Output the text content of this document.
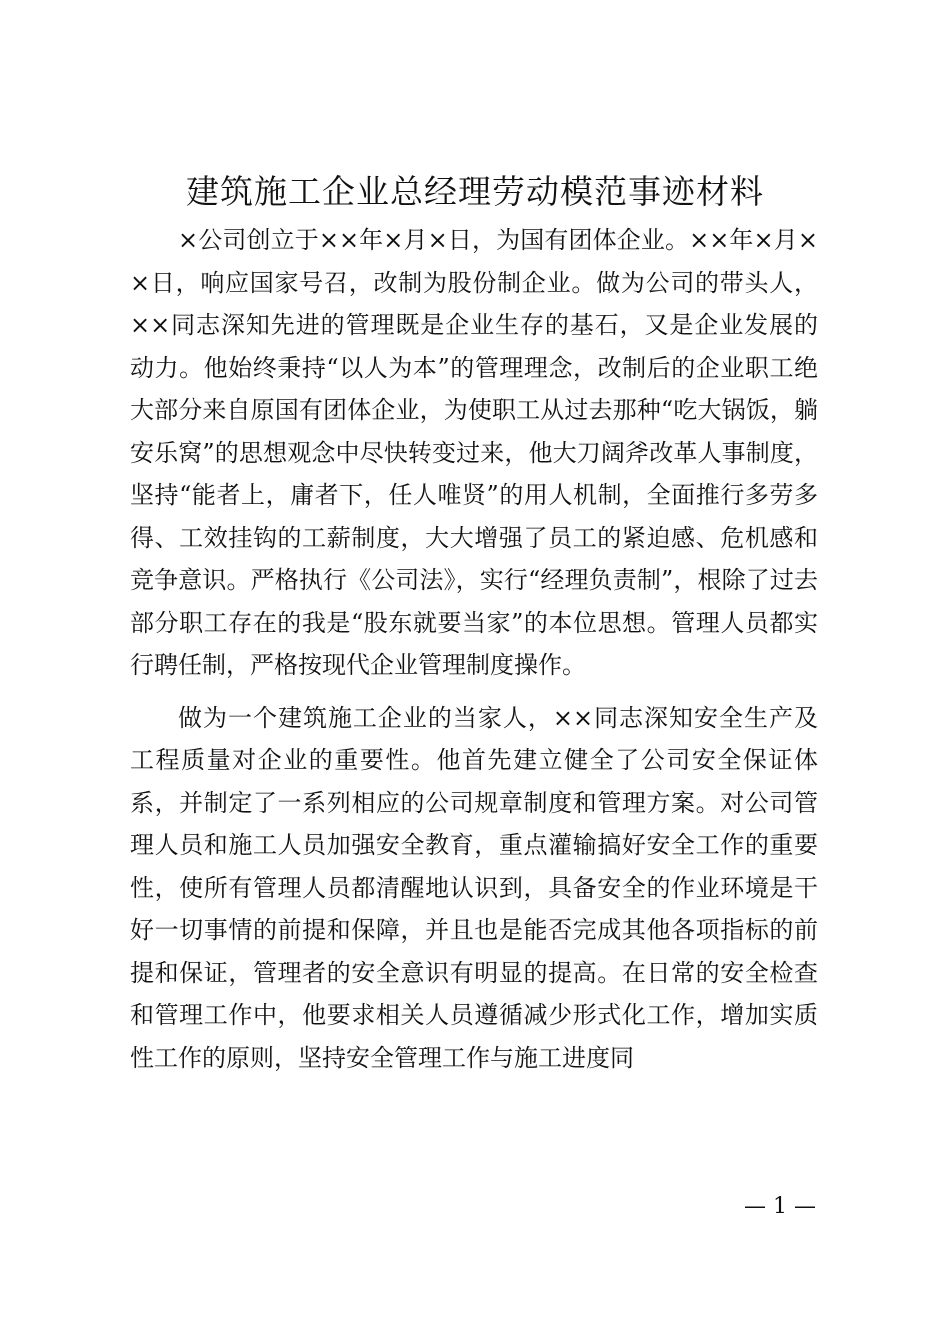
建筑施工企业总经理劳动模范事迹材料

×公司创立于××年×月×日，为国有团体企业。××年×月××日，响应国家号召，改制为股份制企业。做为公司的带头人，××同志深知先进的管理既是企业生存的基石，又是企业发展的动力。他始终秉持“以人为本”的管理理念，改制后的企业职工绝大部分来自原国有团体企业，为使职工从过去那种“吃大锅饭，躺安乐窝”的思想观念中尽快转变过来，他大刀阔斧改革人事制度，坚持“能者上，庸者下，任人唯贤”的用人机制，全面推行多劳多得、工效挂钩的工薪制度，大大增强了员工的紧迫感、危机感和竞争意识。严格执行《公司法》，实行“经理负责制”，根除了过去部分职工存在的我是“股东就要当家”的本位思想。管理人员都实行聘任制，严格按现代企业管理制度操作。

做为一个建筑施工企业的当家人，××同志深知安全生产及工程质量对企业的重要性。他首先建立健全了公司安全保证体系，并制定了一系列相应的公司规章制度和管理方案。对公司管理人员和施工人员加强安全教育，重点灌输搞好安全工作的重要性，使所有管理人员都清醒地认识到，具备安全的作业环境是干好一切事情的前提和保障，并且也是能否完成其他各项指标的前提和保证，管理者的安全意识有明显的提高。在日常的安全检查和管理工作中，他要求相关人员遵循减少形式化工作，增加实质性工作的原则，坚持安全管理工作与施工进度同

— 1 —
